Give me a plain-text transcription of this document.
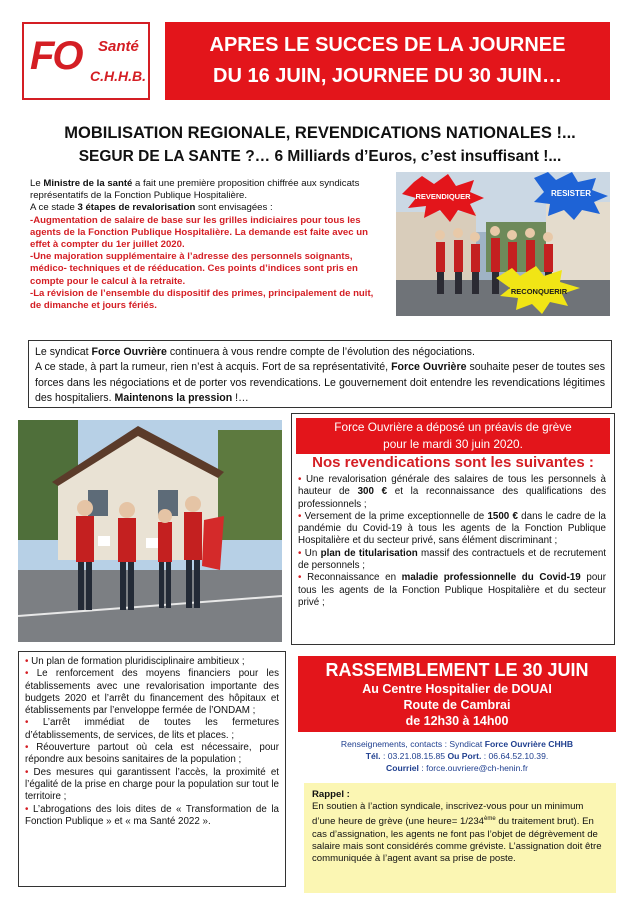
FO Santé
C.H.H.B.
APRES LE SUCCES DE LA JOURNEE
DU 16 JUIN, JOURNEE DU 30 JUIN…
MOBILISATION REGIONALE, REVENDICATIONS NATIONALES !...
SEGUR DE LA SANTE ?… 6 Milliards d’Euros, c’est insuffisant !...
Le Ministre de la santé a fait une première proposition chiffrée aux syndicats représentatifs de la Fonction Publique Hospitalière.
A ce stade 3 étapes de revalorisation sont envisagées :
-Augmentation de salaire de base sur les grilles indiciaires pour tous les agents de la Fonction Publique Hospitalière. La demande est faite avec un effet à compter du 1er juillet 2020.
-Une majoration supplémentaire à l’adresse des personnels soignants, médico- techniques et de rééducation. Ces points d’indices sont pris en compte pour le calcul à la retraite.
-La révision de l’ensemble du dispositif des primes, principalement de nuit, de dimanche et jours fériés.
REVENDIQUER	RESISTER
RECONQUERIR
Le syndicat Force Ouvrière continuera à vous rendre compte de l’évolution des négociations.
A ce stade, à part la rumeur, rien n’est à acquis. Fort de sa représentativité, Force Ouvrière souhaite peser de toutes ses forces dans les négociations et de porter vos revendications. Le gouvernement doit entendre les revendications légitimes des hospitaliers. Maintenons la pression !…
Force Ouvrière a déposé un préavis de grève
pour le mardi 30 juin 2020.
Nos revendications sont les suivantes :

• Une revalorisation générale des salaires de tous les personnels à hauteur de 300 € et la reconnaissance des qualifications des professionnels ;

• Versement de la prime exceptionnelle de 1500 € dans le cadre de la pandémie du Covid-19 à tous les agents de la Fonction Publique Hospitalière et du secteur privé, sans élément discriminant ;

• Un plan de titularisation massif des contractuels et de recrutement de personnels ;

• Reconnaissance en maladie professionnelle du Covid-19 pour tous les agents de la Fonction Publique Hospitalière et du secteur privé ;

• Un plan de formation pluridisciplinaire ambitieux ;

• Le renforcement des moyens financiers pour les établissements avec une revalorisation importante des budgets 2020 et l’arrêt du financement des hôpitaux et établissements par l’enveloppe fermée de l’ONDAM ;

• L’arrêt immédiat de toutes les fermetures d’établissements, de services, de lits et places. ;

• Réouverture partout où cela est nécessaire, pour répondre aux besoins sanitaires de la population ;

• Des mesures qui garantissent l’accès, la proximité et l’égalité de la prise en charge pour la population sur tout le territoire ;

• L’abrogations des lois dites de « Transformation de la Fonction Publique » et « ma Santé 2022 ».

RASSEMBLEMENT LE 30 JUIN
Au Centre Hospitalier de DOUAI
Route de Cambrai
de 12h30 à 14h00
Renseignements, contacts : Syndicat Force Ouvrière CHHB
Tél. : 03.21.08.15.85 Ou Port. : 06.64.52.10.39.
Courriel : force.ouvriere@ch-henin.fr
Rappel :
En soutien à l’action syndicale, inscrivez-vous pour un minimum d’une heure de grève (une heure= 1/234ème du traitement brut). En cas d’assignation, les agents ne font pas l’objet de dégrèvement de salaire mais sont considérés comme gréviste. L’assignation doit être communiquée à l’agent avant sa prise de poste.
